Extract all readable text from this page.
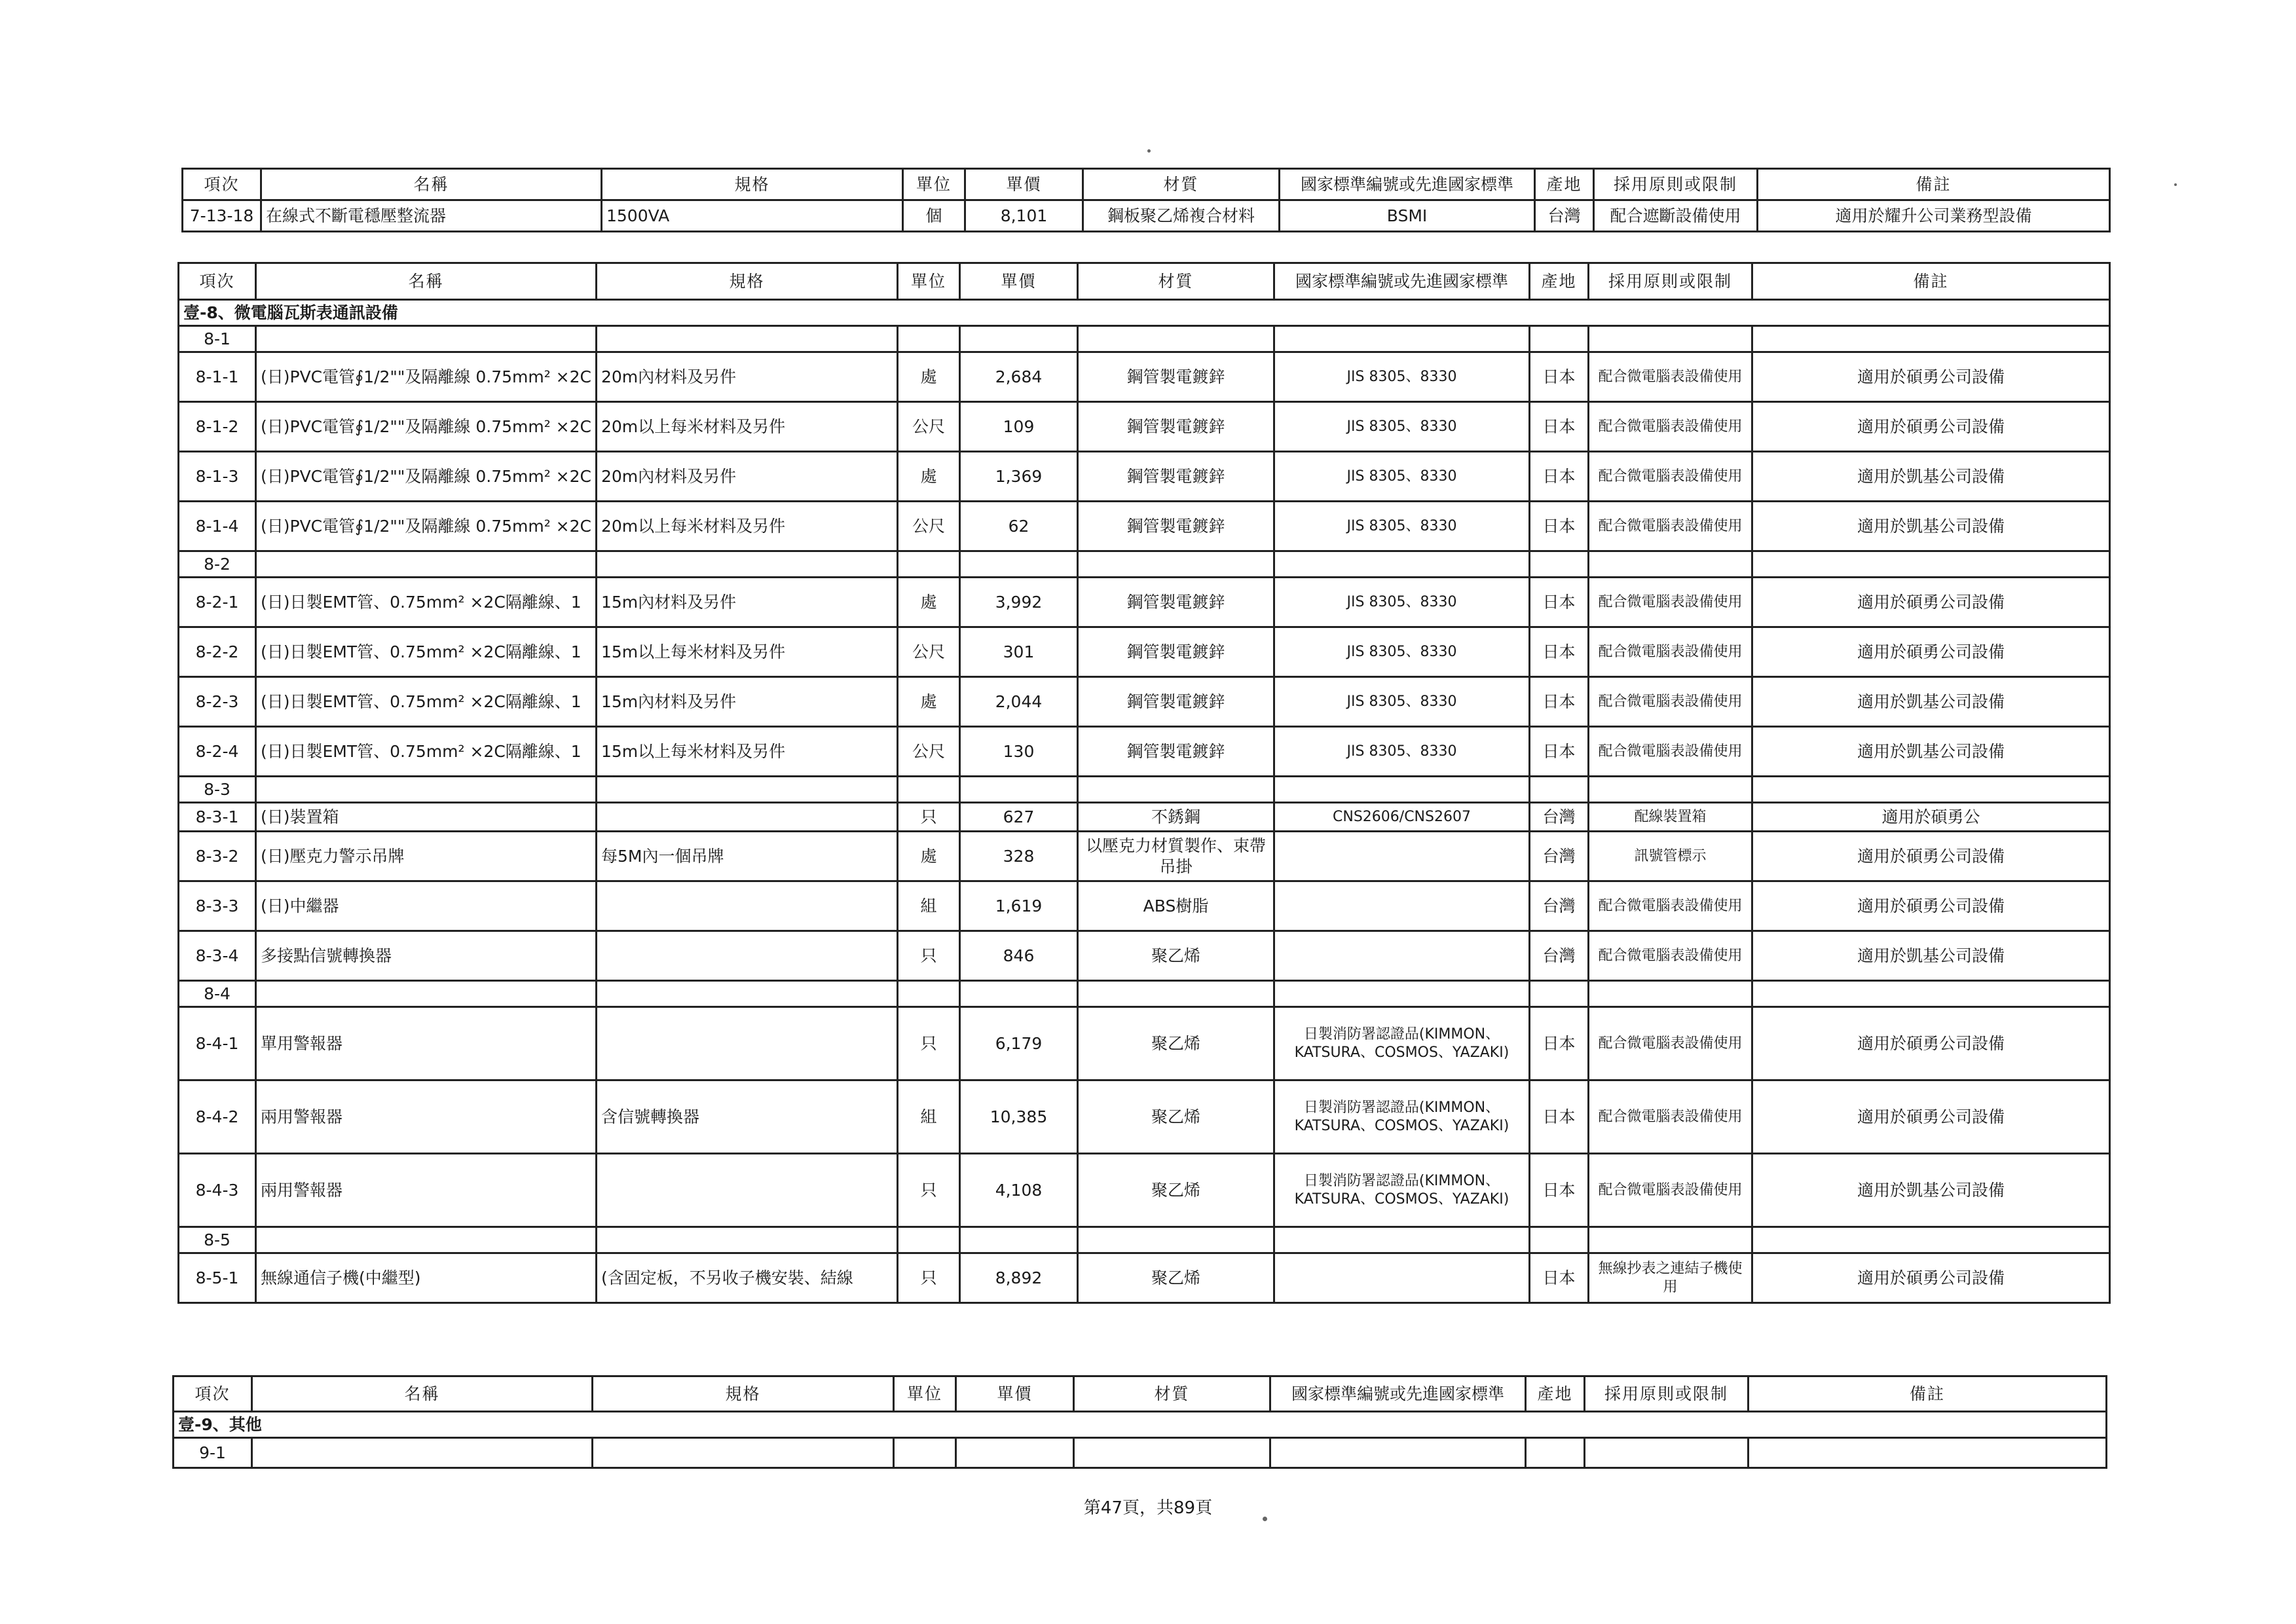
項次	名稱	規格	單位	單價	材質	國家標準編號或先進國家標準	產地	採用原則或限制	備註
7-13-18	在線式不斷電穩壓整流器	1500VA	個	8,101	鋼板聚乙烯複合材料	BSMI	台灣	配合遮斷設備使用	適用於耀升公司業務型設備
項次	名稱	規格	單位	單價	材質	國家標準編號或先進國家標準	產地	採用原則或限制	備註
壹-8、微電腦瓦斯表通訊設備									
8-1									
8-1-1	(日)PVC電管∮1/2""及隔離線 0.75mm² ×2C	20m內材料及另件	處	2,684	鋼管製電鍍鋅	JIS 8305、8330	日本	配合微電腦表設備使用	適用於碩勇公司設備
8-1-2	(日)PVC電管∮1/2""及隔離線 0.75mm² ×2C	20m以上每米材料及另件	公尺	109	鋼管製電鍍鋅	JIS 8305、8330	日本	配合微電腦表設備使用	適用於碩勇公司設備
8-1-3	(日)PVC電管∮1/2""及隔離線 0.75mm² ×2C	20m內材料及另件	處	1,369	鋼管製電鍍鋅	JIS 8305、8330	日本	配合微電腦表設備使用	適用於凱基公司設備
8-1-4	(日)PVC電管∮1/2""及隔離線 0.75mm² ×2C	20m以上每米材料及另件	公尺	62	鋼管製電鍍鋅	JIS 8305、8330	日本	配合微電腦表設備使用	適用於凱基公司設備
8-2									
8-2-1	(日)日製EMT管、0.75mm² ×2C隔離線、1	15m內材料及另件	處	3,992	鋼管製電鍍鋅	JIS 8305、8330	日本	配合微電腦表設備使用	適用於碩勇公司設備
8-2-2	(日)日製EMT管、0.75mm² ×2C隔離線、1	15m以上每米材料及另件	公尺	301	鋼管製電鍍鋅	JIS 8305、8330	日本	配合微電腦表設備使用	適用於碩勇公司設備
8-2-3	(日)日製EMT管、0.75mm² ×2C隔離線、1	15m內材料及另件	處	2,044	鋼管製電鍍鋅	JIS 8305、8330	日本	配合微電腦表設備使用	適用於凱基公司設備
8-2-4	(日)日製EMT管、0.75mm² ×2C隔離線、1	15m以上每米材料及另件	公尺	130	鋼管製電鍍鋅	JIS 8305、8330	日本	配合微電腦表設備使用	適用於凱基公司設備
8-3									
8-3-1	(日)裝置箱		只	627	不銹鋼	CNS2606/CNS2607	台灣	配線裝置箱	適用於碩勇公
8-3-2	(日)壓克力警示吊牌	每5M內一個吊牌	處	328	以壓克力材質製作、束帶吊掛		台灣	訊號管標示	適用於碩勇公司設備
8-3-3	(日)中繼器		組	1,619	ABS樹脂		台灣	配合微電腦表設備使用	適用於碩勇公司設備
8-3-4	多接點信號轉換器		只	846	聚乙烯		台灣	配合微電腦表設備使用	適用於凱基公司設備
8-4									
8-4-1	單用警報器		只	6,179	聚乙烯	日製消防署認證品(KIMMON、KATSURA、COSMOS、YAZAKI)	日本	配合微電腦表設備使用	適用於碩勇公司設備
8-4-2	兩用警報器	含信號轉換器	組	10,385	聚乙烯	日製消防署認證品(KIMMON、KATSURA、COSMOS、YAZAKI)	日本	配合微電腦表設備使用	適用於碩勇公司設備
8-4-3	兩用警報器		只	4,108	聚乙烯	日製消防署認證品(KIMMON、KATSURA、COSMOS、YAZAKI)	日本	配合微電腦表設備使用	適用於凱基公司設備
8-5									
8-5-1	無線通信子機(中繼型)	(含固定板，不另收子機安裝、結線	只	8,892	聚乙烯		日本	無線抄表之連結子機使用	適用於碩勇公司設備
項次	名稱	規格	單位	單價	材質	國家標準編號或先進國家標準	產地	採用原則或限制	備註
壹-9、其他									
9-1									
第47頁，共89頁
